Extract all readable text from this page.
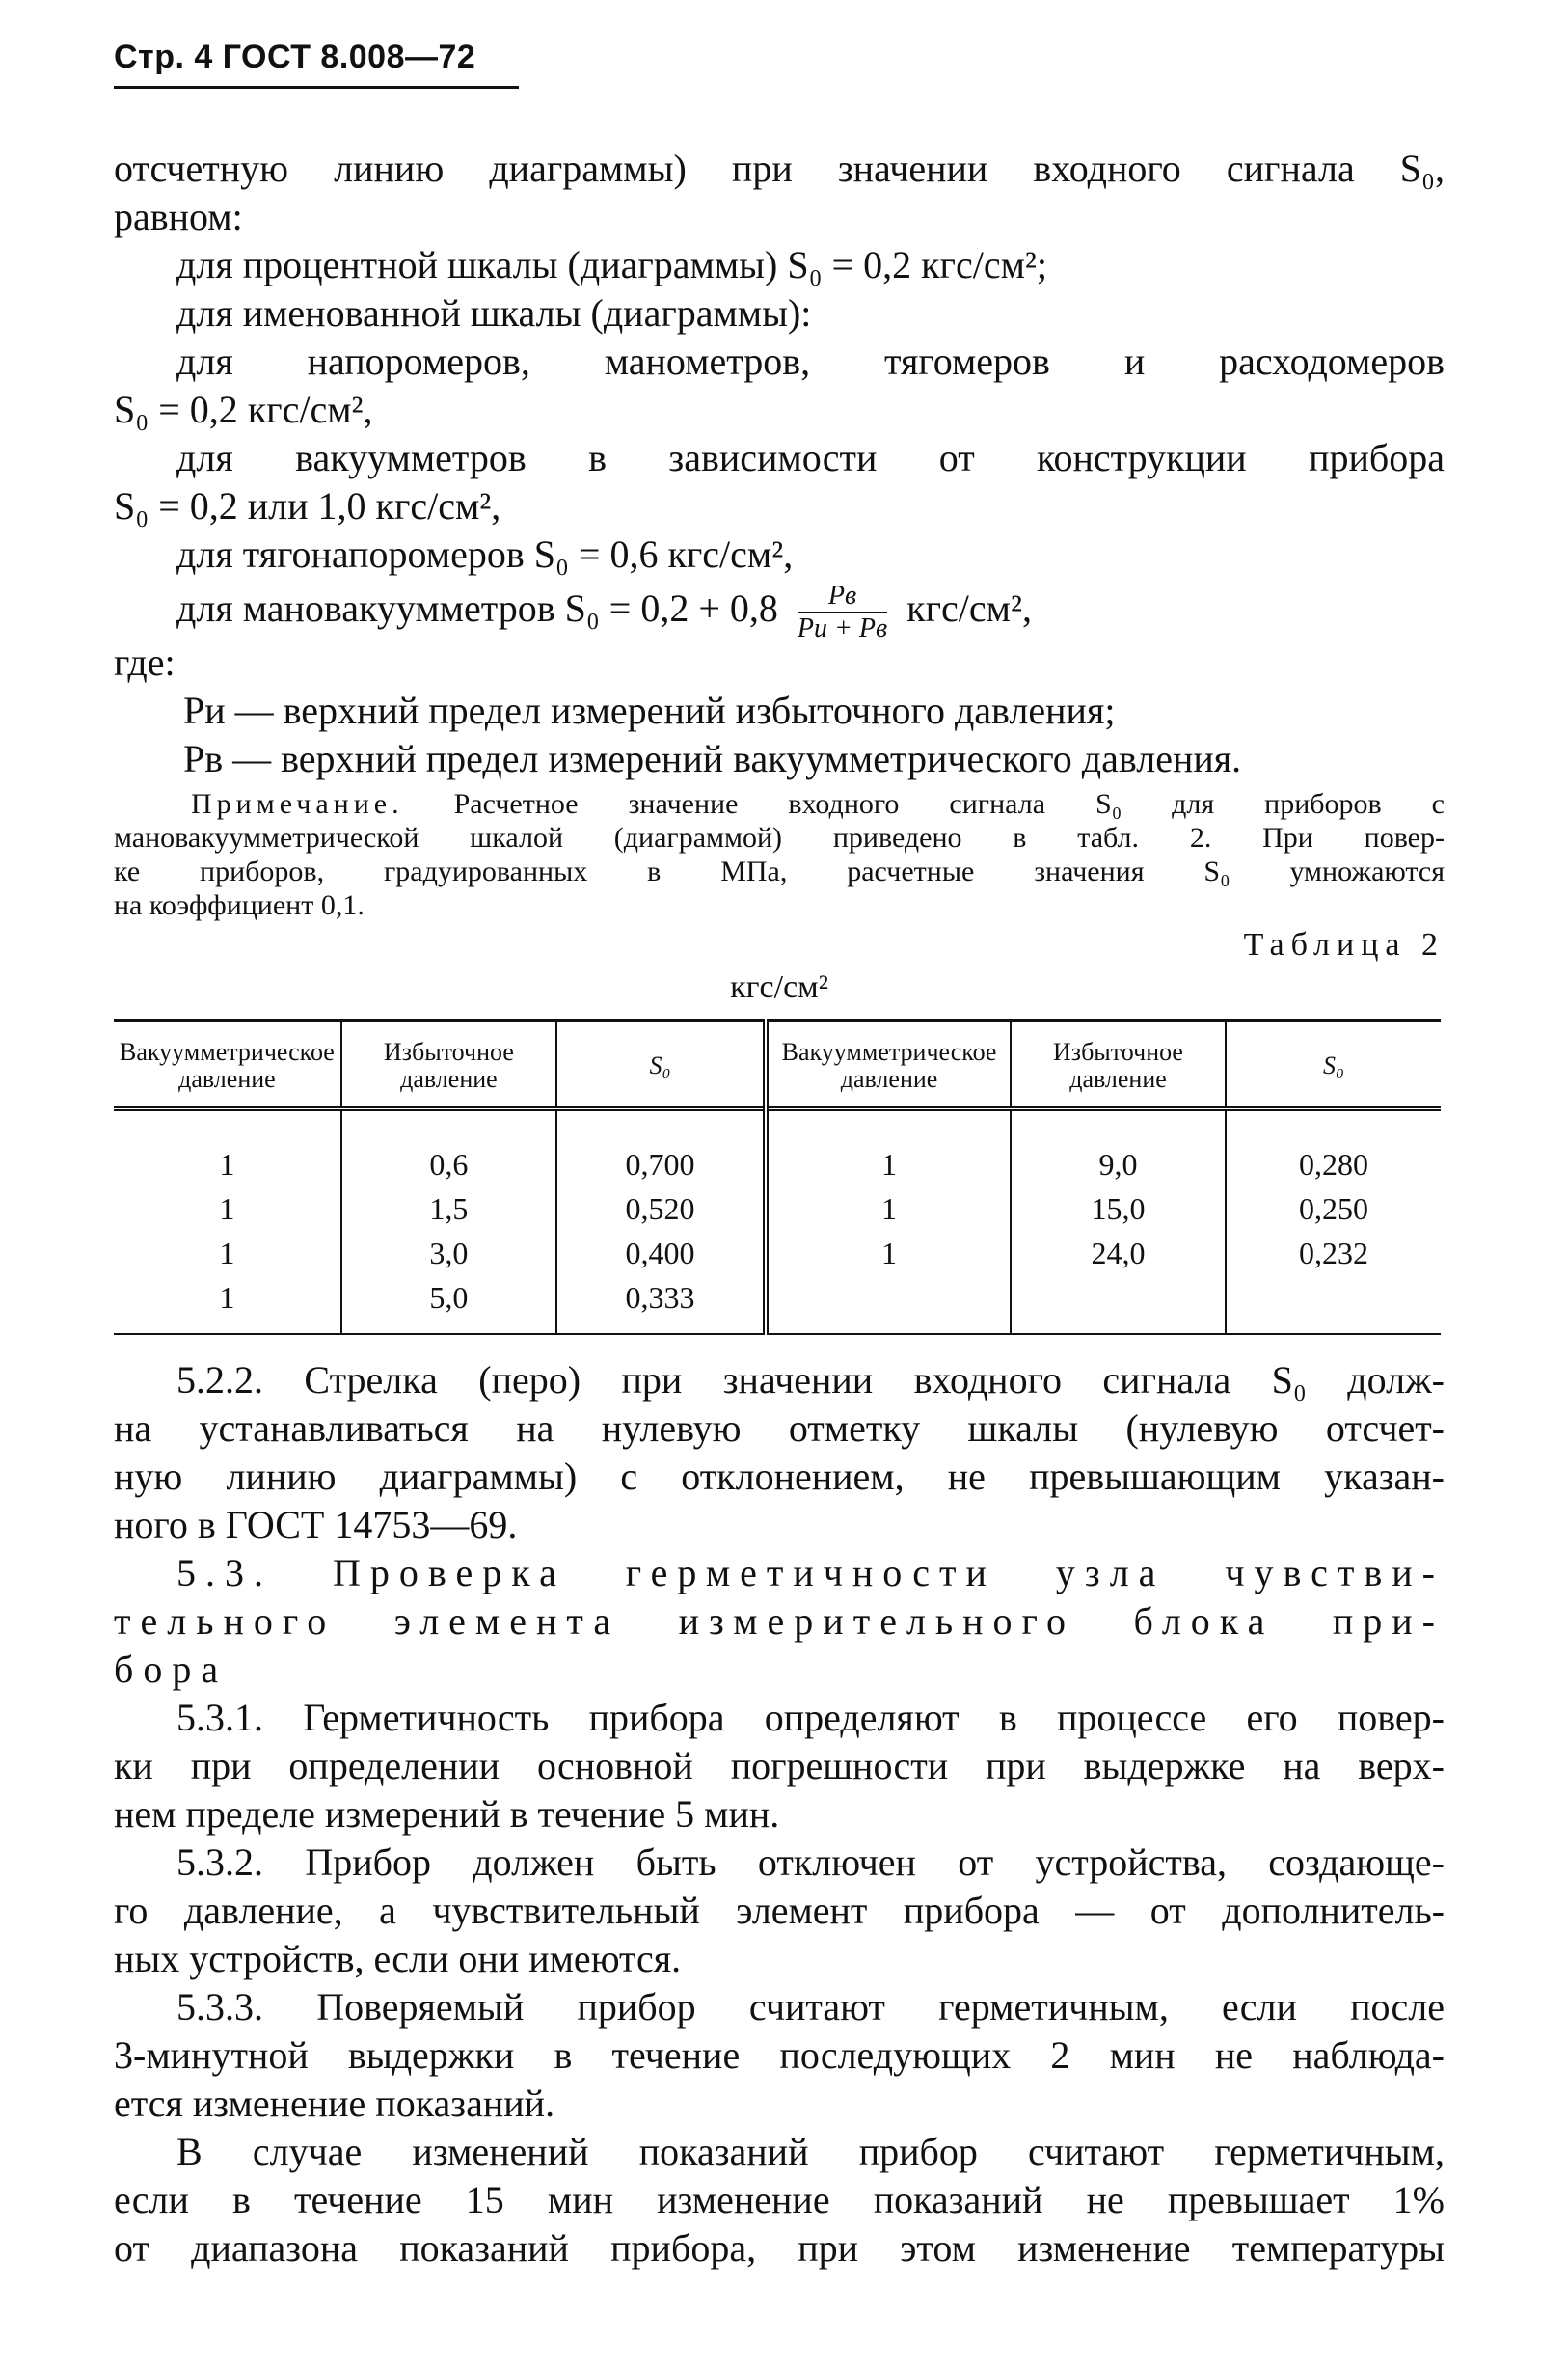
Стр. 4 ГОСТ 8.008—72
отсчетную линию диаграммы) при значении входного сигнала S₀,
равном:
для процентной шкалы (диаграммы) S₀ = 0,2 кгс/см²;
для именованной шкалы (диаграммы):
для напоромеров, манометров, тягомеров и расходомеров
S₀ = 0,2 кгс/см²,
для вакуумметров в зависимости от конструкции прибора
S₀ = 0,2 или 1,0 кгс/см²,
для тягонапоромеров S₀ = 0,6 кгс/см²,
для мановакуумметров $S_0 = 0,2 + 0,8 \frac{Pв}{Pи + Pв} кгс/см^2$,
где:
Pи — верхний предел измерений избыточного давления;
Pв — верхний предел измерений вакуумметрического давления.
Примечание. Расчетное значение входного сигнала S₀ для приборов с
мановакуумметрической шкалой (диаграммой) приведено в табл. 2. При повер-
ке приборов, градуированных в МПа, расчетные значения S₀ умножаются
на коэффициент 0,1.
Таблица 2
кгс/см²
Вакуумметрическое давление	Избыточное давление	S₀	Вакуумметрическое давление	Избыточное давление	S₀
1	0,6	0,700	1	9,0	0,280
1	1,5	0,520	1	15,0	0,250
1	3,0	0,400	1	24,0	0,232
1	5,0	0,333			
5.2.2. Стрелка (перо) при значении входного сигнала S₀ долж-
на устанавливаться на нулевую отметку шкалы (нулевую отсчет-
ную линию диаграммы) с отклонением, не превышающим указан-
ного в ГОСТ 14753—69.
5.3. Проверка герметичности узла чувстви-
тельного элемента измерительного блока при-
бора
5.3.1. Герметичность прибора определяют в процессе его повер-
ки при определении основной погрешности при выдержке на верх-
нем пределе измерений в течение 5 мин.
5.3.2. Прибор должен быть отключен от устройства, создающе-
го давление, а чувствительный элемент прибора — от дополнитель-
ных устройств, если они имеются.
5.3.3. Поверяемый прибор считают герметичным, если после
3-минутной выдержки в течение последующих 2 мин не наблюда-
ется изменение показаний.
В случае изменений показаний прибор считают герметичным,
если в течение 15 мин изменение показаний не превышает 1%
от диапазона показаний прибора, при этом изменение температуры
